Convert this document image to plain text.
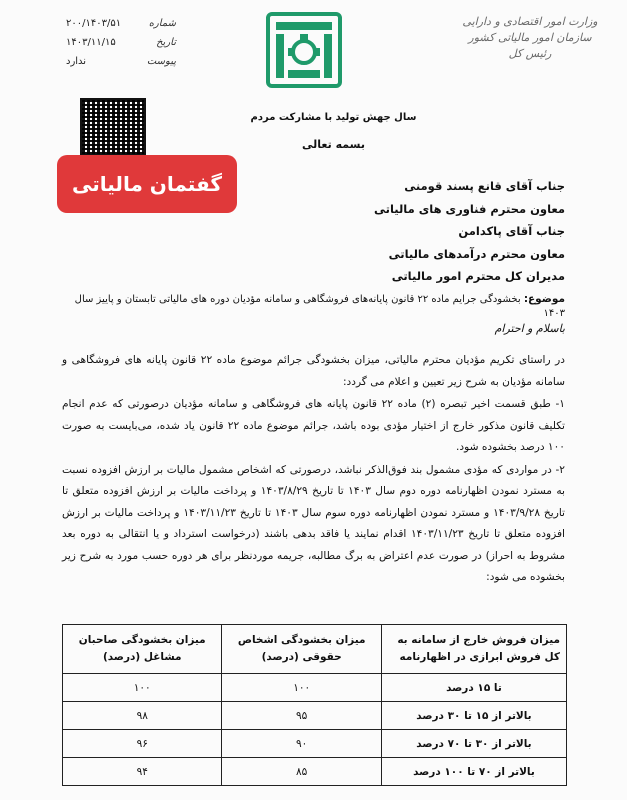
شماره
۲۰۰/۱۴۰۳/۵۱
تاریخ
۱۴۰۳/۱۱/۱۵
پیوست
ندارد
وزارت امور اقتصادی و دارایی
سازمان امور مالیاتی کشور
رئیس کل
سال جهش تولید با مشارکت مردم
بسمه تعالی
گفتمان مالیاتی	جناب آقای قانع پسند قومنی
معاون محترم فناوری های مالیاتی
جناب آقای پاکدامن
معاون محترم درآمدهای مالیاتی
مدیران کل محترم امور مالیاتی
موضوع: بخشودگی جرایم ماده ۲۲ قانون پایانه‌های فروشگاهی و سامانه مؤدیان دوره های مالیاتی تابستان و پاییز سال ۱۴۰۳
باسلام و احترام

در راستای تکریم مؤدیان محترم مالیاتی، میزان بخشودگی جرائم موضوع ماده ۲۲ قانون پایانه های فروشگاهی و سامانه مؤدیان به شرح زیر تعیین و اعلام می گردد:

۱- طبق قسمت اخیر تبصره (۲) ماده ۲۲ قانون پایانه های فروشگاهی و سامانه مؤدیان درصورتی که عدم انجام تکلیف قانون مذکور خارج از اختیار مؤدی بوده باشد، جرائم موضوع ماده ۲۲ قانون یاد شده، می‌بایست به صورت ۱۰۰ درصد بخشوده شود.

۲- در مواردی که مؤدی مشمول بند فوق‌الذکر نباشد، درصورتی که اشخاص مشمول مالیات بر ارزش افزوده نسبت به مسترد نمودن اظهارنامه دوره دوم سال ۱۴۰۳ تا تاریخ ۱۴۰۳/۸/۲۹ و پرداخت مالیات بر ارزش افزوده متعلق تا تاریخ ۱۴۰۳/۹/۲۸ و مسترد نمودن اظهارنامه دوره سوم سال ۱۴۰۳ تا تاریخ ۱۴۰۳/۱۱/۲۳ و پرداخت مالیات بر ارزش افزوده متعلق تا تاریخ ۱۴۰۳/۱۱/۲۳ اقدام نمایند یا فاقد بدهی باشند (درخواست استرداد و یا انتقالی به دوره بعد مشروط به احراز) در صورت عدم اعتراض به برگ مطالبه، جریمه موردنظر برای هر دوره حسب مورد به شرح زیر بخشوده می شود:

میزان فروش خارج از سامانه به کل فروش ابرازی در اظهارنامه	میزان بخشودگی اشخاص حقوقی (درصد)	میزان بخشودگی صاحبان مشاغل (درصد)
تا ۱۵ درصد	۱۰۰	۱۰۰
بالاتر از ۱۵ تا ۳۰ درصد	۹۵	۹۸
بالاتر از ۳۰ تا ۷۰ درصد	۹۰	۹۶
بالاتر از ۷۰ تا ۱۰۰ درصد	۸۵	۹۴
